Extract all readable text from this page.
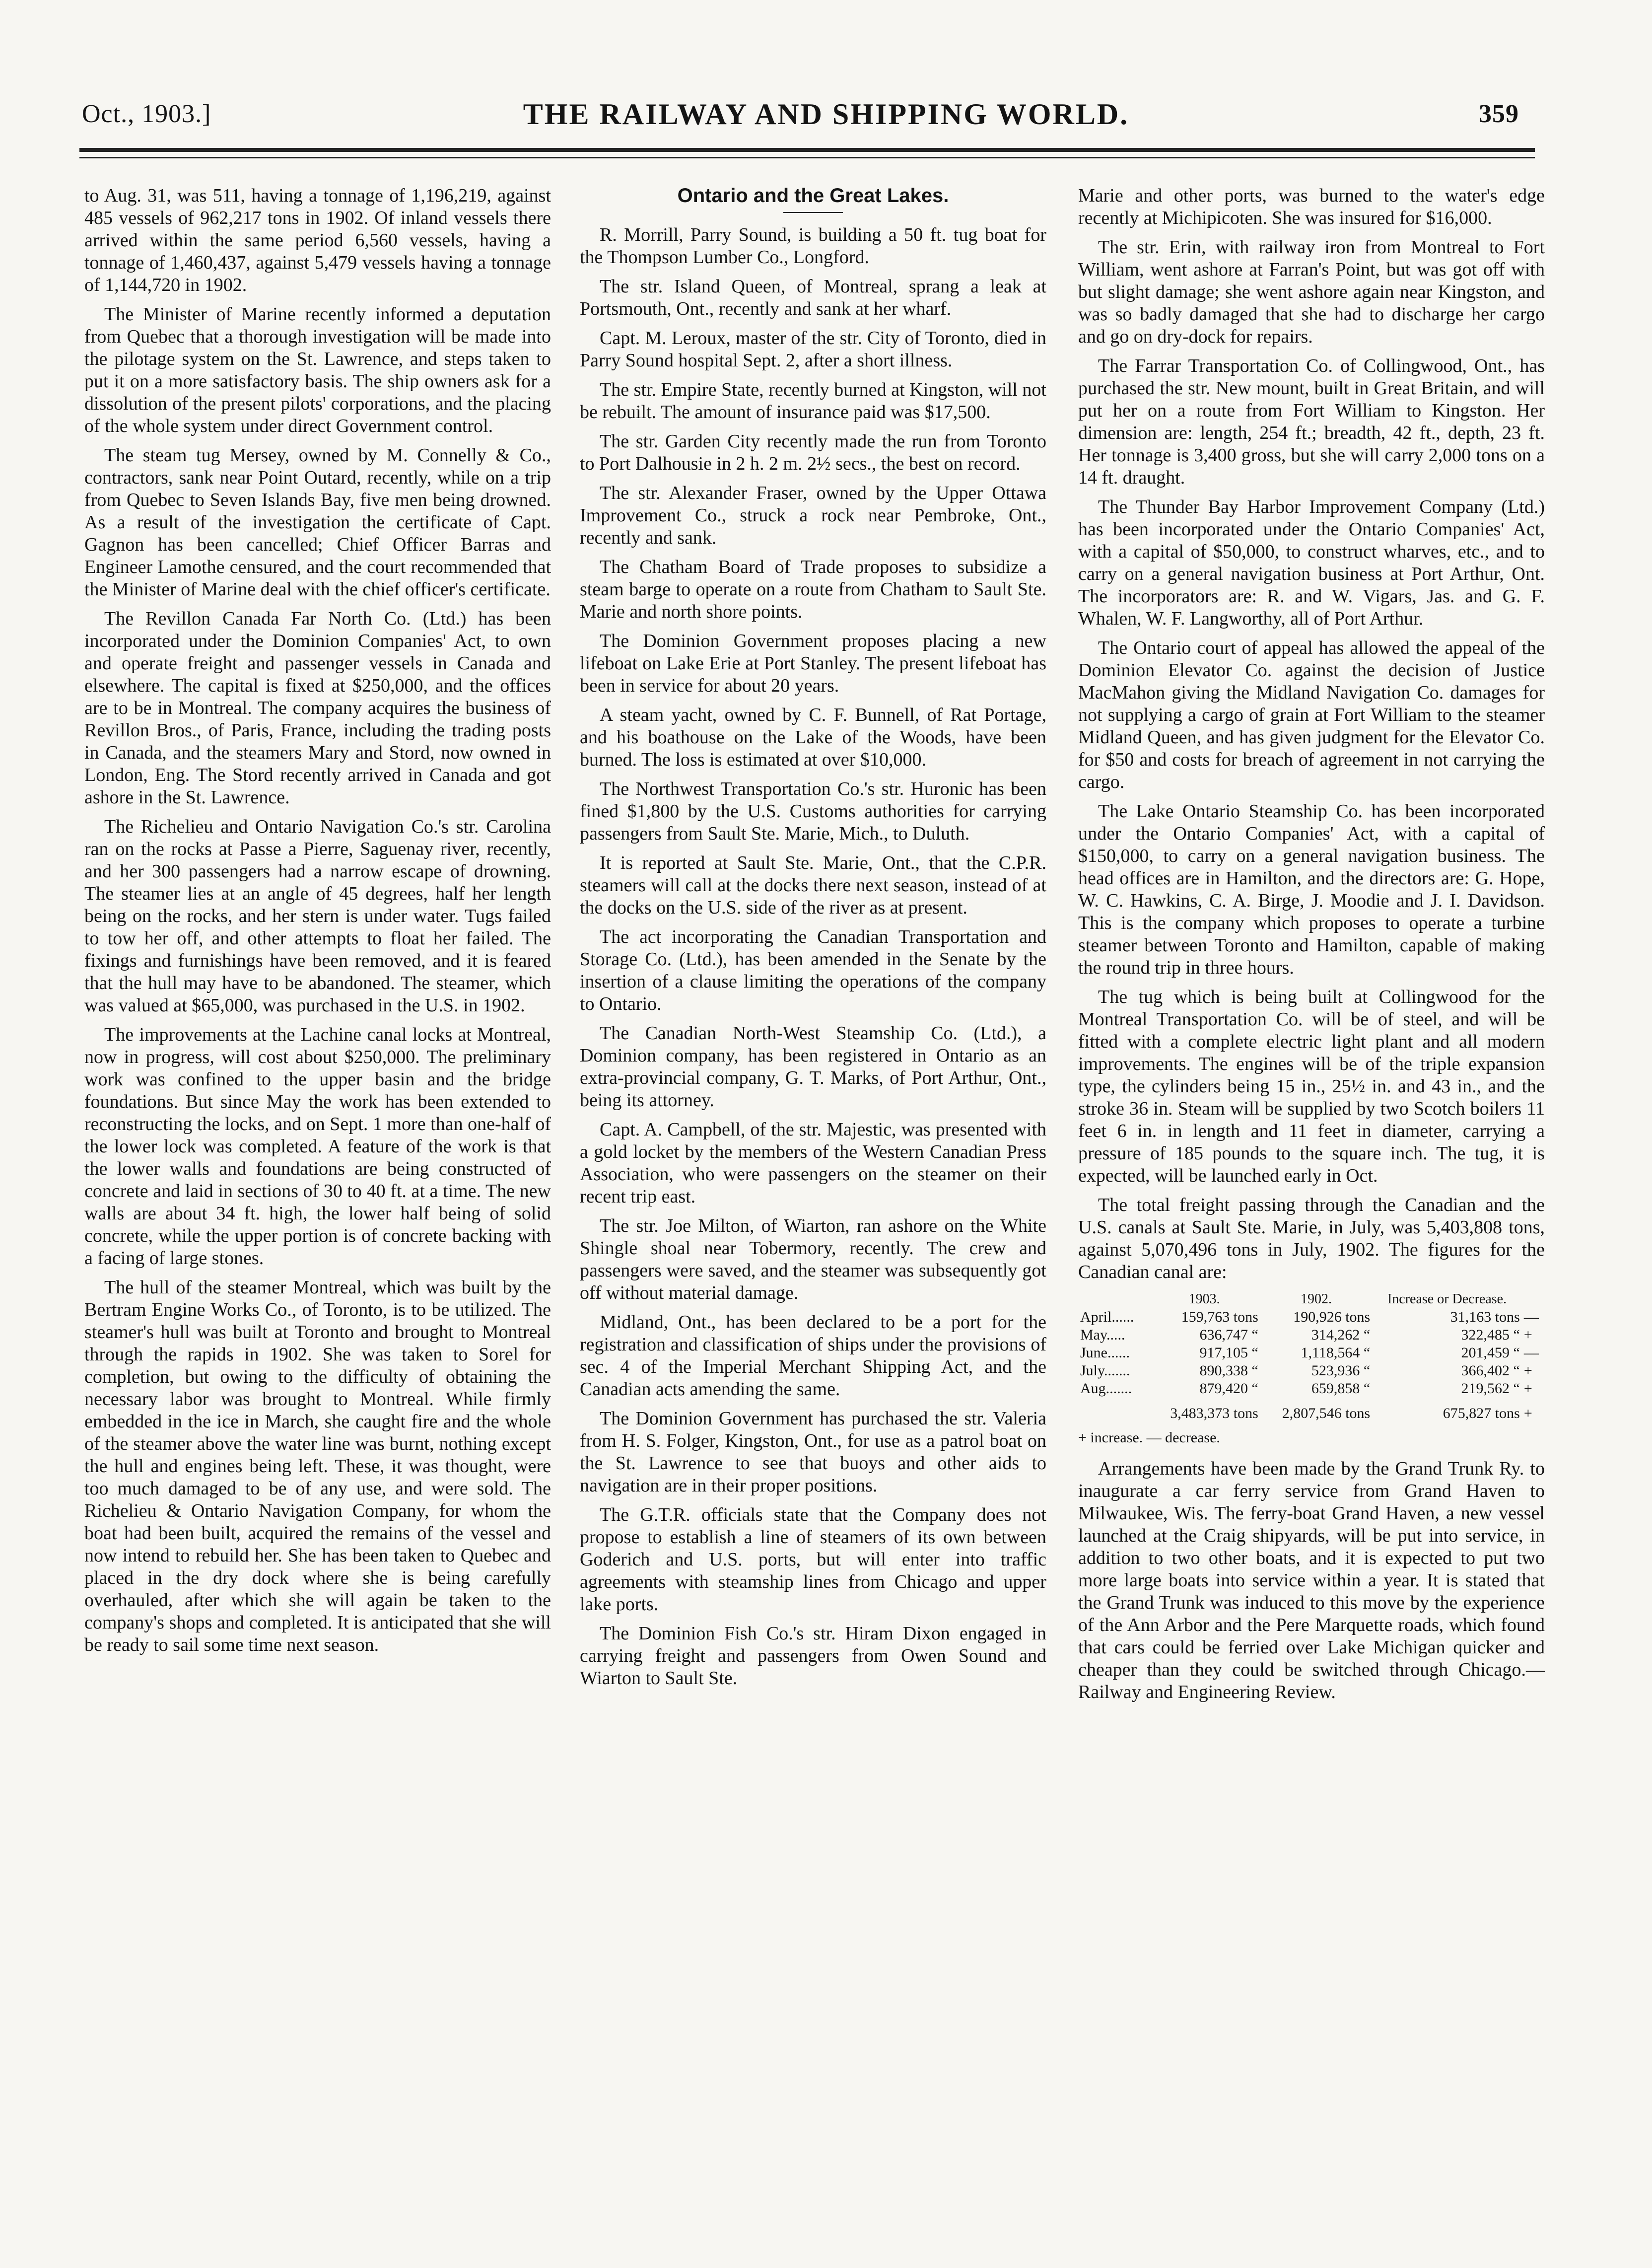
Oct., 1903.]	THE RAILWAY AND SHIPPING WORLD.	359

to Aug. 31, was 511, having a tonnage of 1,196,219, against 485 vessels of 962,217 tons in 1902. Of inland vessels there arrived within the same period 6,560 vessels, having a tonnage of 1,460,437, against 5,479 vessels having a tonnage of 1,144,720 in 1902.

The Minister of Marine recently informed a deputation from Quebec that a thorough investigation will be made into the pilotage system on the St. Lawrence, and steps taken to put it on a more satisfactory basis. The ship owners ask for a dissolution of the present pilots' corporations, and the placing of the whole system under direct Government control.

The steam tug Mersey, owned by M. Connelly & Co., contractors, sank near Point Outard, recently, while on a trip from Quebec to Seven Islands Bay, five men being drowned. As a result of the investigation the certificate of Capt. Gagnon has been cancelled; Chief Officer Barras and Engineer Lamothe censured, and the court recommended that the Minister of Marine deal with the chief officer's certificate.

The Revillon Canada Far North Co. (Ltd.) has been incorporated under the Dominion Companies' Act, to own and operate freight and passenger vessels in Canada and elsewhere. The capital is fixed at $250,000, and the offices are to be in Montreal. The company acquires the business of Revillon Bros., of Paris, France, including the trading posts in Canada, and the steamers Mary and Stord, now owned in London, Eng. The Stord recently arrived in Canada and got ashore in the St. Lawrence.

The Richelieu and Ontario Navigation Co.'s str. Carolina ran on the rocks at Passe a Pierre, Saguenay river, recently, and her 300 passengers had a narrow escape of drowning. The steamer lies at an angle of 45 degrees, half her length being on the rocks, and her stern is under water. Tugs failed to tow her off, and other attempts to float her failed. The fixings and furnishings have been removed, and it is feared that the hull may have to be abandoned. The steamer, which was valued at $65,000, was purchased in the U.S. in 1902.

The improvements at the Lachine canal locks at Montreal, now in progress, will cost about $250,000. The preliminary work was confined to the upper basin and the bridge foundations. But since May the work has been extended to reconstructing the locks, and on Sept. 1 more than one-half of the lower lock was completed. A feature of the work is that the lower walls and foundations are being constructed of concrete and laid in sections of 30 to 40 ft. at a time. The new walls are about 34 ft. high, the lower half being of solid concrete, while the upper portion is of concrete backing with a facing of large stones.

The hull of the steamer Montreal, which was built by the Bertram Engine Works Co., of Toronto, is to be utilized. The steamer's hull was built at Toronto and brought to Montreal through the rapids in 1902. She was taken to Sorel for completion, but owing to the difficulty of obtaining the necessary labor was brought to Montreal. While firmly embedded in the ice in March, she caught fire and the whole of the steamer above the water line was burnt, nothing except the hull and engines being left. These, it was thought, were too much damaged to be of any use, and were sold. The Richelieu & Ontario Navigation Company, for whom the boat had been built, acquired the remains of the vessel and now intend to rebuild her. She has been taken to Quebec and placed in the dry dock where she is being carefully overhauled, after which she will again be taken to the company's shops and completed. It is anticipated that she will be ready to sail some time next season.

Ontario and the Great Lakes.

R. Morrill, Parry Sound, is building a 50 ft. tug boat for the Thompson Lumber Co., Longford.

The str. Island Queen, of Montreal, sprang a leak at Portsmouth, Ont., recently and sank at her wharf.

Capt. M. Leroux, master of the str. City of Toronto, died in Parry Sound hospital Sept. 2, after a short illness.

The str. Empire State, recently burned at Kingston, will not be rebuilt. The amount of insurance paid was $17,500.

The str. Garden City recently made the run from Toronto to Port Dalhousie in 2 h. 2 m. 2½ secs., the best on record.

The str. Alexander Fraser, owned by the Upper Ottawa Improvement Co., struck a rock near Pembroke, Ont., recently and sank.

The Chatham Board of Trade proposes to subsidize a steam barge to operate on a route from Chatham to Sault Ste. Marie and north shore points.

The Dominion Government proposes placing a new lifeboat on Lake Erie at Port Stanley. The present lifeboat has been in service for about 20 years.

A steam yacht, owned by C. F. Bunnell, of Rat Portage, and his boathouse on the Lake of the Woods, have been burned. The loss is estimated at over $10,000.

The Northwest Transportation Co.'s str. Huronic has been fined $1,800 by the U.S. Customs authorities for carrying passengers from Sault Ste. Marie, Mich., to Duluth.

It is reported at Sault Ste. Marie, Ont., that the C.P.R. steamers will call at the docks there next season, instead of at the docks on the U.S. side of the river as at present.

The act incorporating the Canadian Transportation and Storage Co. (Ltd.), has been amended in the Senate by the insertion of a clause limiting the operations of the company to Ontario.

The Canadian North-West Steamship Co. (Ltd.), a Dominion company, has been registered in Ontario as an extra-provincial company, G. T. Marks, of Port Arthur, Ont., being its attorney.

Capt. A. Campbell, of the str. Majestic, was presented with a gold locket by the members of the Western Canadian Press Association, who were passengers on the steamer on their recent trip east.

The str. Joe Milton, of Wiarton, ran ashore on the White Shingle shoal near Tobermory, recently. The crew and passengers were saved, and the steamer was subsequently got off without material damage.

Midland, Ont., has been declared to be a port for the registration and classification of ships under the provisions of sec. 4 of the Imperial Merchant Shipping Act, and the Canadian acts amending the same.

The Dominion Government has purchased the str. Valeria from H. S. Folger, Kingston, Ont., for use as a patrol boat on the St. Lawrence to see that buoys and other aids to navigation are in their proper positions.

The G.T.R. officials state that the Company does not propose to establish a line of steamers of its own between Goderich and U.S. ports, but will enter into traffic agreements with steamship lines from Chicago and upper lake ports.

The Dominion Fish Co.'s str. Hiram Dixon engaged in carrying freight and passengers from Owen Sound and Wiarton to Sault Ste.

Marie and other ports, was burned to the water's edge recently at Michipicoten. She was insured for $16,000.

The str. Erin, with railway iron from Montreal to Fort William, went ashore at Farran's Point, but was got off with but slight damage; she went ashore again near Kingston, and was so badly damaged that she had to discharge her cargo and go on dry-dock for repairs.

The Farrar Transportation Co. of Collingwood, Ont., has purchased the str. New mount, built in Great Britain, and will put her on a route from Fort William to Kingston. Her dimension are: length, 254 ft.; breadth, 42 ft., depth, 23 ft. Her tonnage is 3,400 gross, but she will carry 2,000 tons on a 14 ft. draught.

The Thunder Bay Harbor Improvement Company (Ltd.) has been incorporated under the Ontario Companies' Act, with a capital of $50,000, to construct wharves, etc., and to carry on a general navigation business at Port Arthur, Ont. The incorporators are: R. and W. Vigars, Jas. and G. F. Whalen, W. F. Langworthy, all of Port Arthur.

The Ontario court of appeal has allowed the appeal of the Dominion Elevator Co. against the decision of Justice MacMahon giving the Midland Navigation Co. damages for not supplying a cargo of grain at Fort William to the steamer Midland Queen, and has given judgment for the Elevator Co. for $50 and costs for breach of agreement in not carrying the cargo.

The Lake Ontario Steamship Co. has been incorporated under the Ontario Companies' Act, with a capital of $150,000, to carry on a general navigation business. The head offices are in Hamilton, and the directors are: G. Hope, W. C. Hawkins, C. A. Birge, J. Moodie and J. I. Davidson. This is the company which proposes to operate a turbine steamer between Toronto and Hamilton, capable of making the round trip in three hours.

The tug which is being built at Collingwood for the Montreal Transportation Co. will be of steel, and will be fitted with a complete electric light plant and all modern improvements. The engines will be of the triple expansion type, the cylinders being 15 in., 25½ in. and 43 in., and the stroke 36 in. Steam will be supplied by two Scotch boilers 11 feet 6 in. in length and 11 feet in diameter, carrying a pressure of 185 pounds to the square inch. The tug, it is expected, will be launched early in Oct.

The total freight passing through the Canadian and the U.S. canals at Sault Ste. Marie, in July, was 5,403,808 tons, against 5,070,496 tons in July, 1902. The figures for the Canadian canal are:

	1903.	1902.	Increase or Decrease.	
April......	159,763 tons	190,926 tons	31,163 tons	—
May.....	636,747 “	314,262 “	322,485 “	+
June......	917,105 “	1,118,564 “	201,459 “	—
July.......	890,338 “	523,936 “	366,402 “	+
Aug.......	879,420 “	659,858 “	219,562 “	+
	3,483,373 tons	2,807,546 tons	675,827 tons	+
+ increase. — decrease.

Arrangements have been made by the Grand Trunk Ry. to inaugurate a car ferry service from Grand Haven to Milwaukee, Wis. The ferry-boat Grand Haven, a new vessel launched at the Craig shipyards, will be put into service, in addition to two other boats, and it is expected to put two more large boats into service within a year. It is stated that the Grand Trunk was induced to this move by the experience of the Ann Arbor and the Pere Marquette roads, which found that cars could be ferried over Lake Michigan quicker and cheaper than they could be switched through Chicago.—Railway and Engineering Review.
